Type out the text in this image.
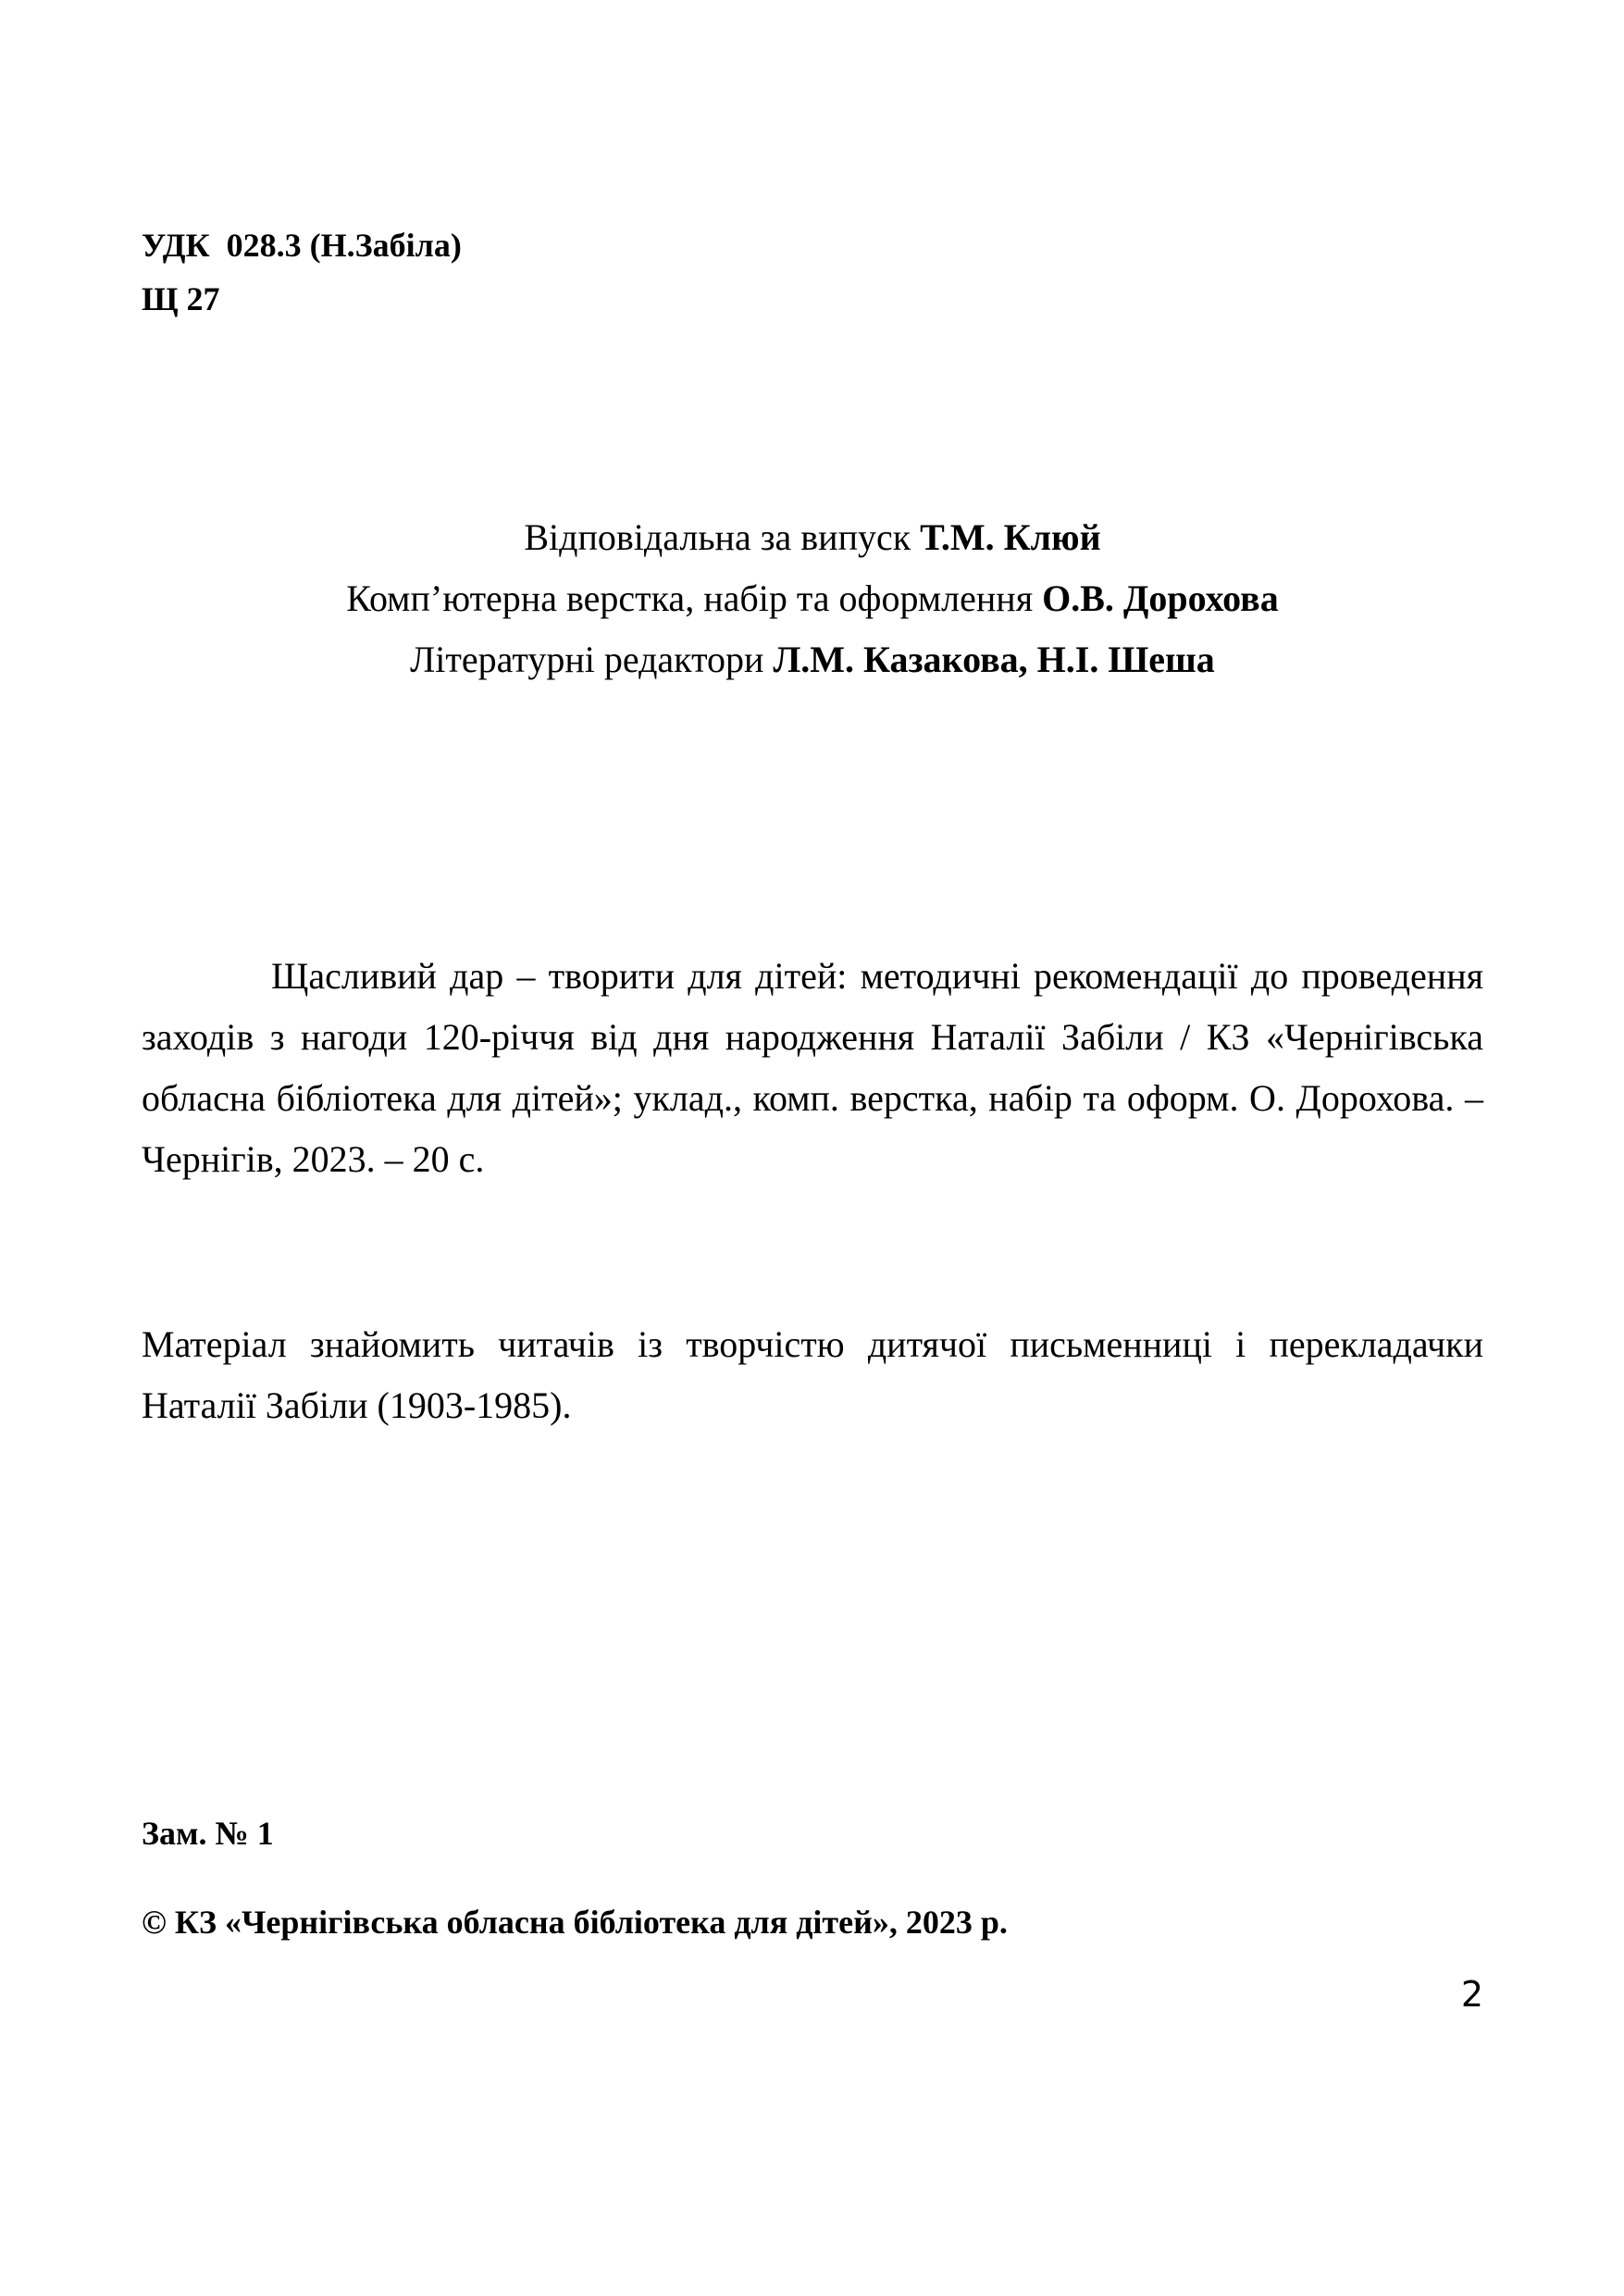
УДК  028.3 (Н.Забіла)
Щ 27
Відповідальна за випуск Т.М. Клюй
Комп’ютерна верстка, набір та оформлення О.В. Дорохова
Літературні редактори Л.М. Казакова, Н.І. Шеша

Щасливий дар – творити для дітей: методичні рекомендації до проведення заходів з нагоди 120-річчя від дня народження Наталії Забіли / КЗ «Чернігівська обласна бібліотека для дітей»; уклад., комп. верстка, набір та оформ. О. Дорохова. – Чернігів, 2023. – 20 с.

Матеріал знайомить читачів із творчістю дитячої письменниці і перекладачки Наталії Забіли (1903-1985).

Зам. № 1
© КЗ «Чернігівська обласна бібліотека для дітей», 2023 р.
2
